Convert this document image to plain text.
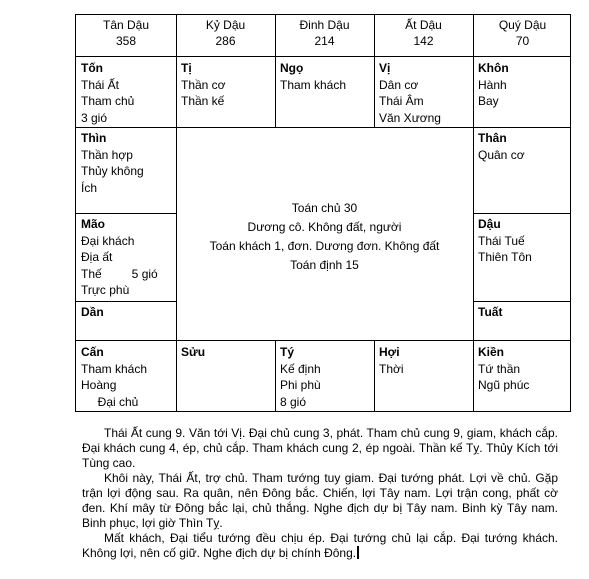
Tân Dậu
358
Kỷ Dậu
286
Đinh Dậu
214
Ất Dậu
142
Quý Dậu
70
Tốn
Thái Ất
Tham chủ
3 gió
Tị
Thần cơ
Thần kế
Ngọ
Tham khách
Vị
Dân cơ
Thái Âm
Văn Xương
Khôn
Hành
Bay
Thìn
Thần hợp
Thủy không
Ích
Mão
Đại khách
Địa ất
Thế         5 gió
Trực phù
Dần
Toán chủ 30
Dương cô. Không đất, người
Toán khách 1, đơn. Dương đơn. Không đất
Toán định 15
Thân
Quân cơ
Dậu
Thái Tuế
Thiên Tôn
Tuất
Cấn
Tham khách
Hoàng
Đại chủ
Sửu	Tý
Kế định
Phi phù
8 gió
Hợi
Thời
Kiền
Tứ thần
Ngũ phúc

Thái Ất cung 9. Văn tới Vị. Đại chủ cung 3, phát. Tham chủ cung 9, giam, khách cắp. Đại khách cung 4, ép, chủ cắp. Tham khách cung 2, ép ngoài. Thần kế Tỵ. Thủy Kích tới Tùng cao.

Khôi này, Thái Ất, trợ chủ. Tham tướng tuy giam. Đại tướng phát. Lợi về chủ. Gặp trận lợi động sau. Ra quân, nên Đông bắc. Chiến, lợi Tây nam. Lợi trận cong, phất cờ đen. Khí mây từ Đông bắc lại, chủ thắng. Nghe địch dự bị Tây nam. Binh kỳ Tây nam. Binh phục, lợi giờ Thìn Tỵ.

Mất khách, Đại tiểu tướng đều chịu ép. Đại tướng chủ lại cắp. Đại tướng khách. Không lợi, nên cố giữ. Nghe địch dự bị chính Đông.
